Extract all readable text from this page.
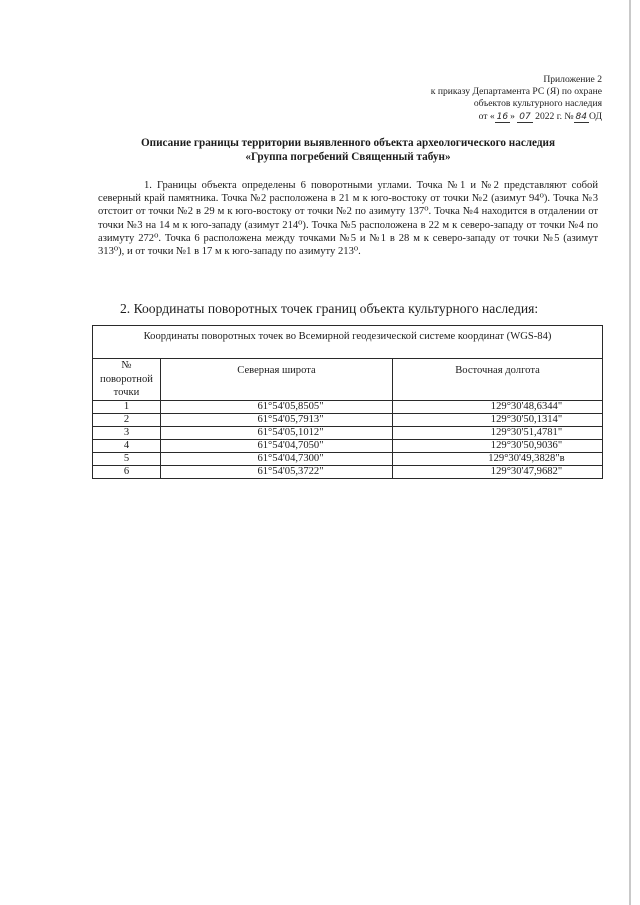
Приложение 2
к приказу Департамента РС (Я) по охране
объектов культурного наследия
от « 16 » 07 2022 г. № 84 ОД
Описание границы территории выявленного объекта археологического наследия
«Группа погребений Священный табун»
1. Границы объекта определены 6 поворотными углами. Точка №1 и №2 представляют собой северный край памятника. Точка №2 расположена в 21 м к юго-востоку от точки №2 (азимут 94⁰). Точка №3 отстоит от точки №2 в 29 м к юго-востоку от точки №2 по азимуту 137⁰. Точка №4 находится в отдалении от точки №3 на 14 м к юго-западу (азимут 214⁰). Точка №5 расположена в 22 м к северо-западу от точки №4 по азимуту 272⁰. Точка 6 расположена между точками №5 и №1 в 28 м к северо-западу от точки №5 (азимут 313⁰), и от точки №1 в 17 м к юго-западу по азимуту 213⁰.
2. Координаты поворотных точек границ объекта культурного наследия:
Координаты поворотных точек во Всемирной геодезической системе координат (WGS-84)		
№ поворотной точки	Северная широта	Восточная долгота
1	61°54'05,8505"	129°30'48,6344"
2	61°54'05,7913"	129°30'50,1314"
3	61°54'05,1012"	129°30'51,4781"
4	61°54'04,7050"	129°30'50,9036"
5	61°54'04,7300"	129°30'49,3828"в
6	61°54'05,3722"	129°30'47,9682"
